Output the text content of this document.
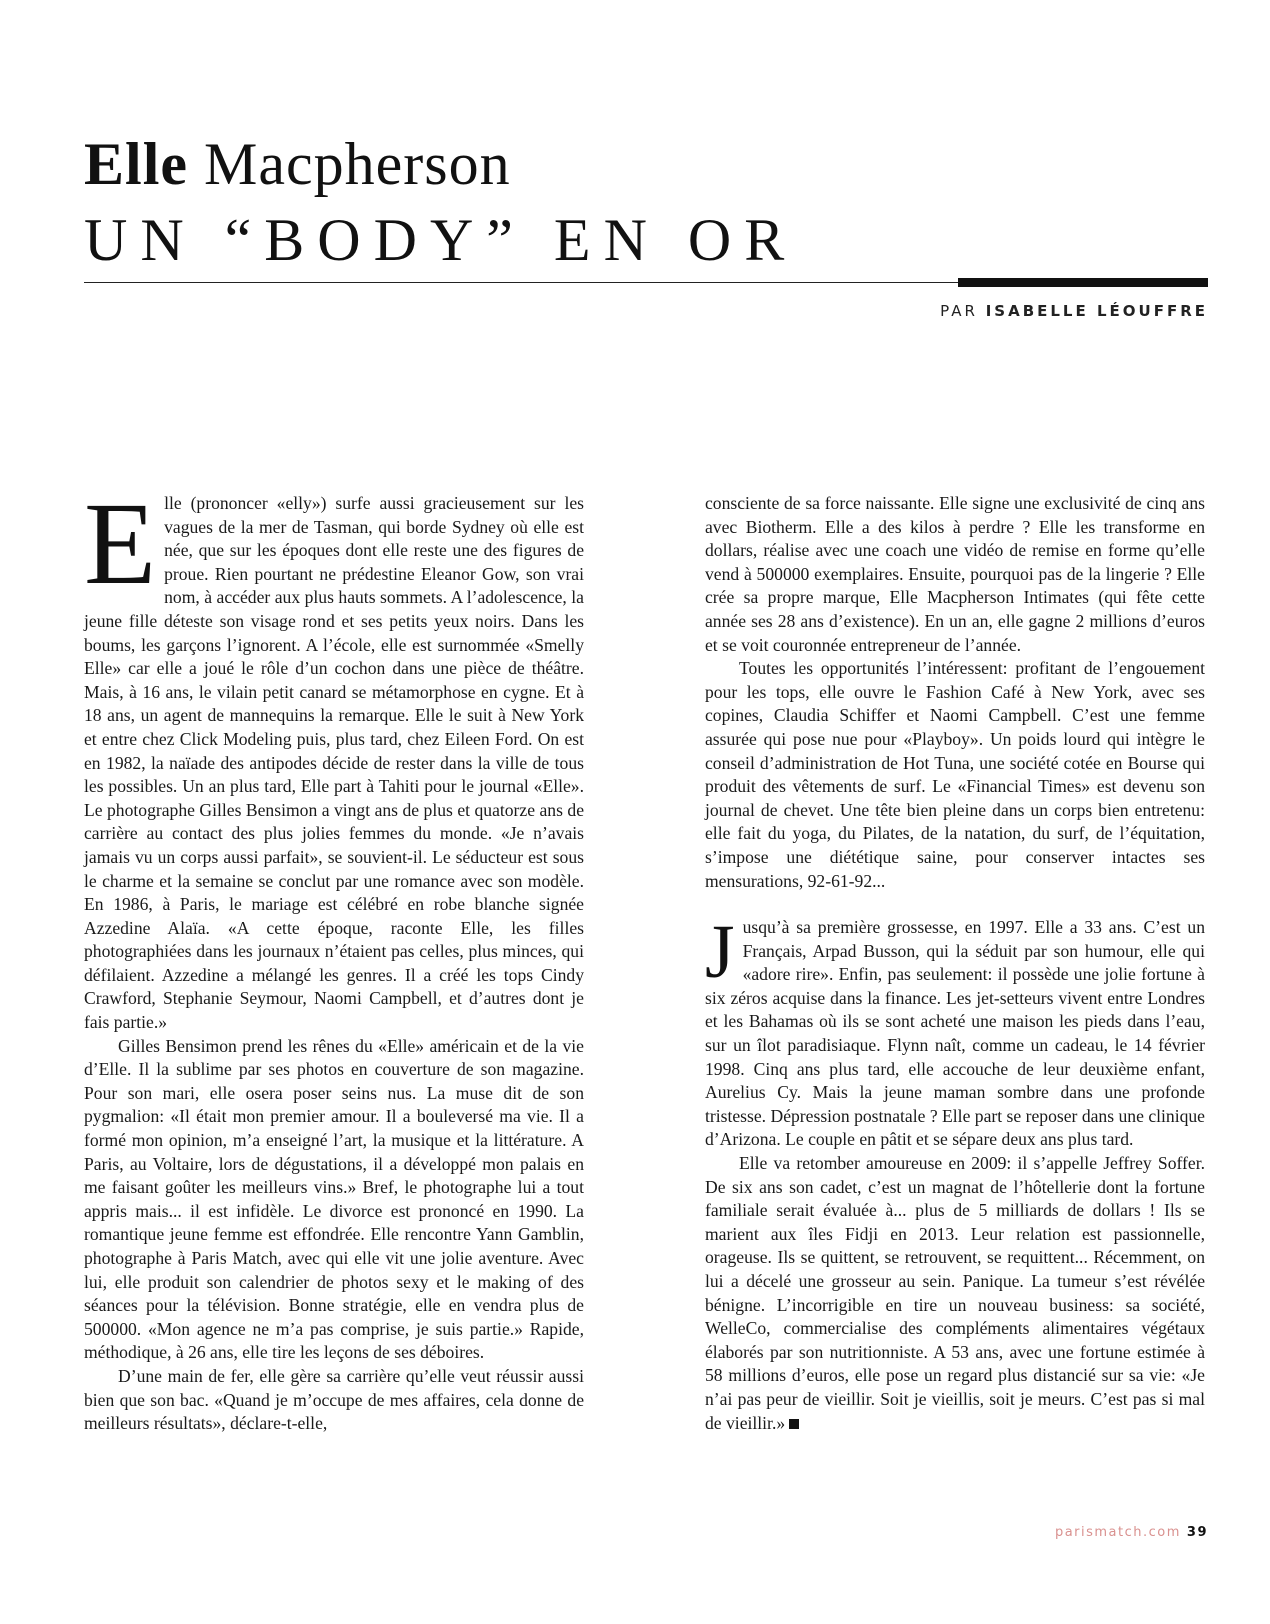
Elle Macpherson
UN “BODY” EN OR
PAR ISABELLE LÉOUFFRE

Elle (prononcer «elly») surfe aussi gracieusement sur les vagues de la mer de Tasman, qui borde Sydney où elle est née, que sur les époques dont elle reste une des figures de proue. Rien pourtant ne prédestine Eleanor Gow, son vrai nom, à accéder aux plus hauts sommets. A l’adolescence, la jeune fille déteste son visage rond et ses petits yeux noirs. Dans les boums, les garçons l’ignorent. A l’école, elle est surnommée «Smelly Elle» car elle a joué le rôle d’un cochon dans une pièce de théâtre. Mais, à 16 ans, le vilain petit canard se métamorphose en cygne. Et à 18 ans, un agent de mannequins la remarque. Elle le suit à New York et entre chez Click Modeling puis, plus tard, chez Eileen Ford. On est en 1982, la naïade des antipodes décide de rester dans la ville de tous les possibles. Un an plus tard, Elle part à Tahiti pour le journal «Elle». Le photographe Gilles Bensimon a vingt ans de plus et quatorze ans de carrière au contact des plus jolies femmes du monde. «Je n’avais jamais vu un corps aussi parfait», se souvient-il. Le séducteur est sous le charme et la semaine se conclut par une romance avec son modèle. En 1986, à Paris, le mariage est célébré en robe blanche signée Azzedine Alaïa. «A cette époque, raconte Elle, les filles photographiées dans les journaux n’étaient pas celles, plus minces, qui défilaient. Azzedine a mélangé les genres. Il a créé les tops Cindy Crawford, Stephanie Seymour, Naomi Campbell, et d’autres dont je fais partie.»

Gilles Bensimon prend les rênes du «Elle» américain et de la vie d’Elle. Il la sublime par ses photos en couverture de son magazine. Pour son mari, elle osera poser seins nus. La muse dit de son pygmalion: «Il était mon premier amour. Il a bouleversé ma vie. Il a formé mon opinion, m’a enseigné l’art, la musique et la littérature. A Paris, au Voltaire, lors de dégustations, il a développé mon palais en me faisant goûter les meilleurs vins.» Bref, le photographe lui a tout appris mais... il est infidèle. Le divorce est prononcé en 1990. La romantique jeune femme est effondrée. Elle rencontre Yann Gamblin, photographe à Paris Match, avec qui elle vit une jolie aventure. Avec lui, elle produit son calendrier de photos sexy et le making of des séances pour la télévision. Bonne stratégie, elle en vendra plus de 500000. «Mon agence ne m’a pas comprise, je suis partie.» Rapide, méthodique, à 26 ans, elle tire les leçons de ses déboires.

D’une main de fer, elle gère sa carrière qu’elle veut réussir aussi bien que son bac. «Quand je m’occupe de mes affaires, cela donne de meilleurs résultats», déclare-t-elle,

consciente de sa force naissante. Elle signe une exclusivité de cinq ans avec Biotherm. Elle a des kilos à perdre ? Elle les transforme en dollars, réalise avec une coach une vidéo de remise en forme qu’elle vend à 500000 exemplaires. Ensuite, pourquoi pas de la lingerie ? Elle crée sa propre marque, Elle Macpherson Intimates (qui fête cette année ses 28 ans d’existence). En un an, elle gagne 2 millions d’euros et se voit couronnée entrepreneur de l’année.

Toutes les opportunités l’intéressent: profitant de l’engouement pour les tops, elle ouvre le Fashion Café à New York, avec ses copines, Claudia Schiffer et Naomi Campbell. C’est une femme assurée qui pose nue pour «Playboy». Un poids lourd qui intègre le conseil d’administration de Hot Tuna, une société cotée en Bourse qui produit des vêtements de surf. Le «Financial Times» est devenu son journal de chevet. Une tête bien pleine dans un corps bien entretenu: elle fait du yoga, du Pilates, de la natation, du surf, de l’équitation, s’impose une diététique saine, pour conserver intactes ses mensurations, 92-61-92...

Jusqu’à sa première grossesse, en 1997. Elle a 33 ans. C’est un Français, Arpad Busson, qui la séduit par son humour, elle qui «adore rire». Enfin, pas seulement: il possède une jolie fortune à six zéros acquise dans la finance. Les jet-setteurs vivent entre Londres et les Bahamas où ils se sont acheté une maison les pieds dans l’eau, sur un îlot paradisiaque. Flynn naît, comme un cadeau, le 14 février 1998. Cinq ans plus tard, elle accouche de leur deuxième enfant, Aurelius Cy. Mais la jeune maman sombre dans une profonde tristesse. Dépression postnatale ? Elle part se reposer dans une clinique d’Arizona. Le couple en pâtit et se sépare deux ans plus tard.

Elle va retomber amoureuse en 2009: il s’appelle Jeffrey Soffer. De six ans son cadet, c’est un magnat de l’hôtellerie dont la fortune familiale serait évaluée à... plus de 5 milliards de dollars ! Ils se marient aux îles Fidji en 2013. Leur relation est passionnelle, orageuse. Ils se quittent, se retrouvent, se requittent... Récemment, on lui a décelé une grosseur au sein. Panique. La tumeur s’est révélée bénigne. L’incorrigible en tire un nouveau business: sa société, WelleCo, commercialise des compléments alimentaires végétaux élaborés par son nutritionniste. A 53 ans, avec une fortune estimée à 58 millions d’euros, elle pose un regard plus distancié sur sa vie: «Je n’ai pas peur de vieillir. Soit je vieillis, soit je meurs. C’est pas si mal de vieillir.»

parismatch.com 39
